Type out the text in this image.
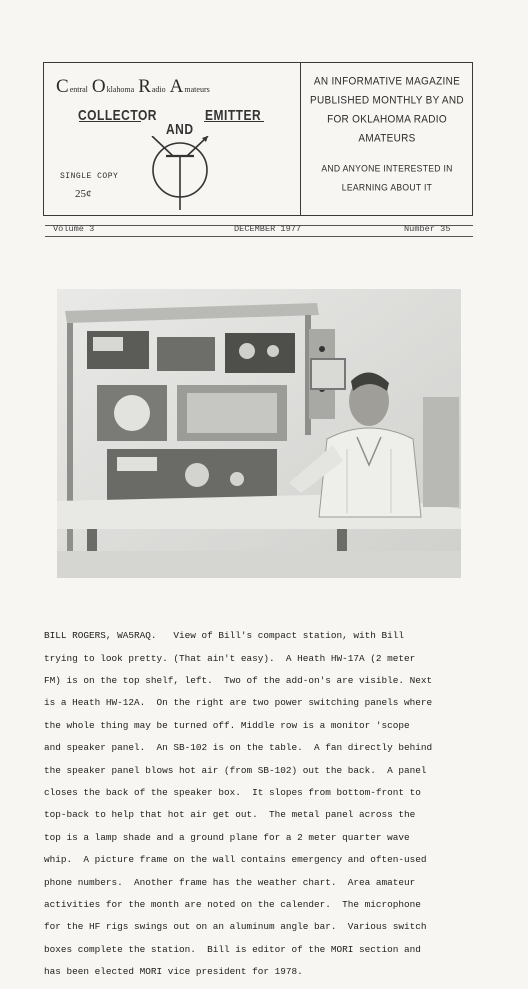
C entral O klahoma R adio A mateurs
COLLECTOR
AND
EMITTER
SINGLE COPY
25¢
AN INFORMATIVE MAGAZINE
PUBLISHED MONTHLY BY AND
FOR OKLAHOMA RADIO
AMATEURS
AND ANYONE INTERESTED IN
LEARNING ABOUT IT
Volume 3	DECEMBER 1977	Number 35

BILL ROGERS, WA5RAQ.   View of Bill's compact station, with Bill

trying to look pretty. (That ain't easy).  A Heath HW-17A (2 meter

FM) is on the top shelf, left.  Two of the add-on's are visible. Next

is a Heath HW-12A.  On the right are two power switching panels where

the whole thing may be turned off. Middle row is a monitor 'scope

and speaker panel.  An SB-102 is on the table.  A fan directly behind

the speaker panel blows hot air (from SB-102) out the back.  A panel

closes the back of the speaker box.  It slopes from bottom-front to

top-back to help that hot air get out.  The metal panel across the

top is a lamp shade and a ground plane for a 2 meter quarter wave

whip.  A picture frame on the wall contains emergency and often-used

phone numbers.  Another frame has the weather chart.  Area amateur

activities for the month are noted on the calender.  The microphone

for the HF rigs swings out on an aluminum angle bar.  Various switch

boxes complete the station.  Bill is editor of the MORI section and

has been elected MORI vice president for 1978.
